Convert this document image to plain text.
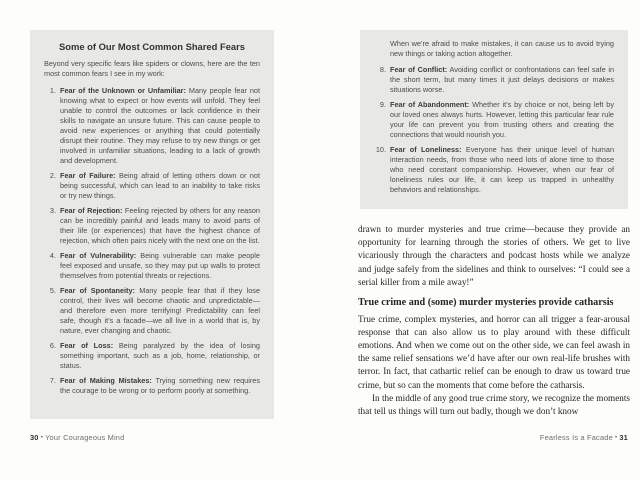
Some of Our Most Common Shared Fears
Beyond very specific fears like spiders or clowns, here are the ten most common fears I see in my work:
1. Fear of the Unknown or Unfamiliar: Many people fear not knowing what to expect or how events will unfold. They feel unable to control the outcomes or lack confidence in their skills to navigate an unsure future. This can cause people to avoid new experiences or anything that could potentially disrupt their routine. They may refuse to try new things or get involved in unfamiliar situations, leading to a lack of growth and development.
2. Fear of Failure: Being afraid of letting others down or not being successful, which can lead to an inability to take risks or try new things.
3. Fear of Rejection: Feeling rejected by others for any reason can be incredibly painful and leads many to avoid parts of their life (or experiences) that have the highest chance of rejection, which often pairs nicely with the next one on the list.
4. Fear of Vulnerability: Being vulnerable can make people feel exposed and unsafe, so they may put up walls to protect themselves from potential threats or rejections.
5. Fear of Spontaneity: Many people fear that if they lose control, their lives will become chaotic and unpredictable—and therefore even more terrifying! Predictability can feel safe, though it’s a facade—we all live in a world that is, by nature, ever changing and chaotic.
6. Fear of Loss: Being paralyzed by the idea of losing something important, such as a job, home, relationship, or status.
7. Fear of Making Mistakes: Trying something new requires the courage to be wrong or to perform poorly at something.
30 • Your Courageous Mind
When we’re afraid to make mistakes, it can cause us to avoid trying new things or taking action altogether.
8. Fear of Conflict: Avoiding conflict or confrontations can feel safe in the short term, but many times it just delays decisions or makes situations worse.
9. Fear of Abandonment: Whether it’s by choice or not, being left by our loved ones always hurts. However, letting this particular fear rule your life can prevent you from trusting others and creating the connections that would nourish you.
10. Fear of Loneliness: Everyone has their unique level of human interaction needs, from those who need lots of alone time to those who need constant companionship. However, when our fear of loneliness rules our life, it can keep us trapped in unhealthy behaviors and relationships.

drawn to murder mysteries and true crime—because they provide an opportunity for learning through the stories of others. We get to live vicariously through the characters and podcast hosts while we analyze and judge safely from the sidelines and think to ourselves: “I could see a serial killer from a mile away!”

True crime and (some) murder mysteries provide catharsis

True crime, complex mysteries, and horror can all trigger a fear-arousal response that can also allow us to play around with these difficult emotions. And when we come out on the other side, we can feel awash in the same relief sensations we’d have after our own real-life brushes with terror. In fact, that cathartic relief can be enough to draw us toward true crime, but so can the moments that come before the catharsis.

In the middle of any good true crime story, we recognize the moments that tell us things will turn out badly, though we don’t know

Fearless Is a Facade • 31
